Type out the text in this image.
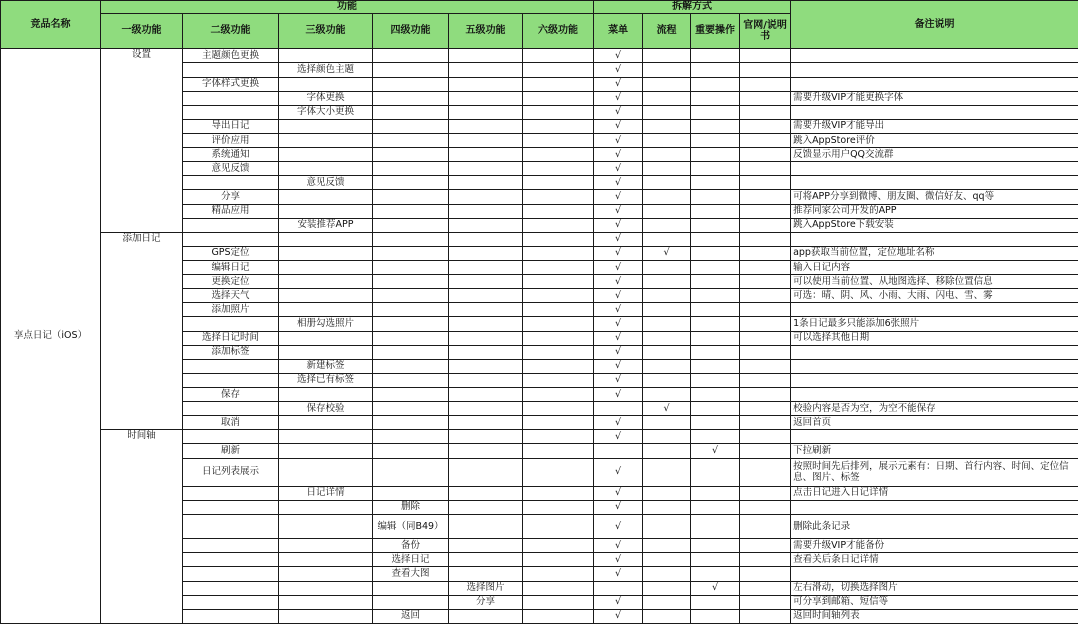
竞品名称	功能						拆解方式				备注说明
	一级功能	二级功能	三级功能	四级功能	五级功能	六级功能	菜单	流程	重要操作	官网/说明书	
享点日记（iOS）	设置	主题颜色更换					√				
			选择颜色主题				√				
		字体样式更换					√				
			字体更换				√				需要升级VIP才能更换字体
			字体大小更换				√				
		导出日记					√				需要升级VIP才能导出
		评价应用					√				跳入AppStore评价
		系统通知					√				反馈显示用户QQ交流群
		意见反馈					√				
			意见反馈				√				
		分享					√				可将APP分享到微博、朋友圈、微信好友、qq等
		精品应用					√				推荐同家公司开发的APP
			安装推荐APP				√				跳入AppStore下载安装
	添加日记						√				
		GPS定位					√	√			app获取当前位置，定位地址名称
		编辑日记					√				输入日记内容
		更换定位					√				可以使用当前位置、从地图选择、移除位置信息
		选择天气					√				可选：晴、阴、风、小雨、大雨、闪电、雪、雾
		添加照片					√				
			相册勾选照片				√				1条日记最多只能添加6张照片
		选择日记时间					√				可以选择其他日期
		添加标签					√				
			新建标签				√				
			选择已有标签				√				
		保存					√				
			保存校验					√			校验内容是否为空，为空不能保存
		取消					√				返回首页
	时间轴						√				
		刷新							√		下拉刷新
		日记列表展示					√				按照时间先后排列，展示元素有：日期、首行内容、时间、定位信息、图片、标签
			日记详情				√				点击日记进入日记详情
				删除			√				
				编辑（同B49）			√				删除此条记录
				备份			√				需要升级VIP才能备份
				选择日记			√				查看关后条日记详情
				查看大图			√				
					选择图片				√		左右滑动，切换选择图片
					分享		√				可分享到邮箱、短信等
				返回			√				返回时间轴列表
